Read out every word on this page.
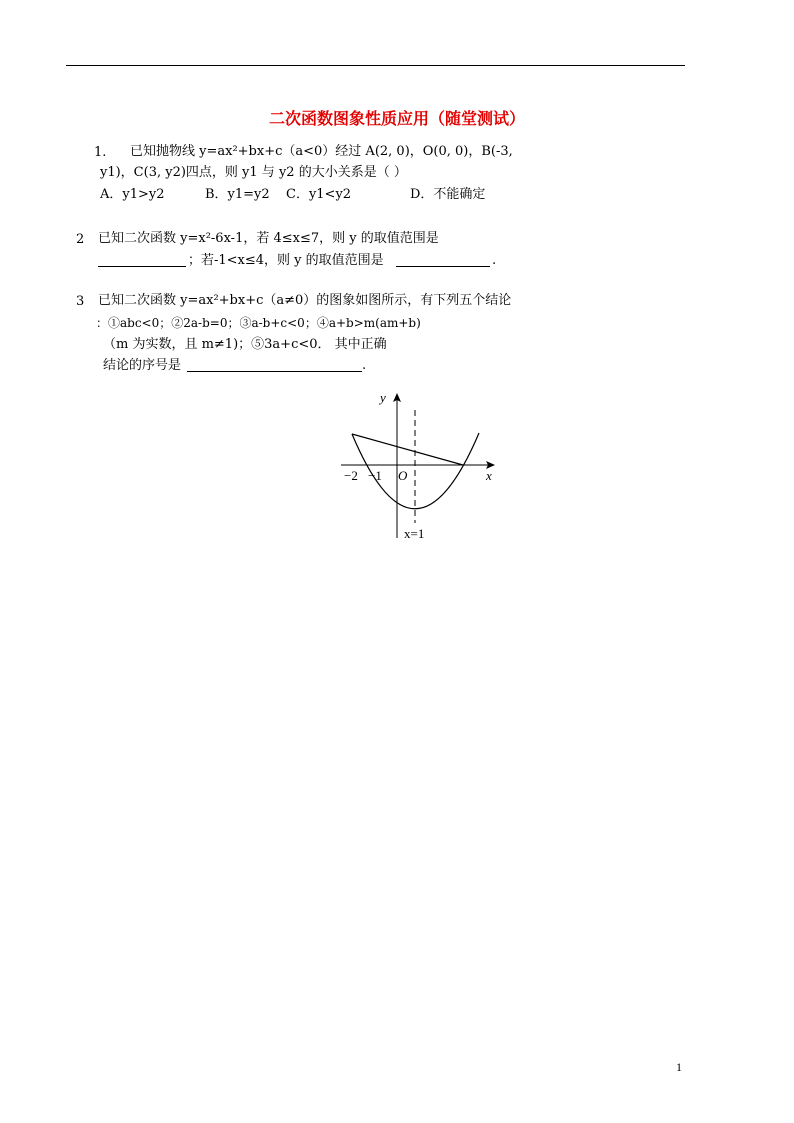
二次函数图象性质应用（随堂测试）
1. 已知抛物线 y=ax²+bx+c（a<0）经过 A(2, 0)，O(0, 0)，B(-3,
y1)，C(3, y2)四点，则 y1 与 y2 的大小关系是（ ）
A．y1>y2	B．y1=y2 C．y1<y2	D．不能确定
2 已知二次函数 y=x²-6x-1，若 4≤x≤7，则 y 的取值范围是
；若-1<x≤4，则 y 的取值范围是	.
3 已知二次函数 y=ax²+bx+c（a≠0）的图象如图所示，有下列五个结论
：①abc<0；②2a-b=0；③a-b+c<0；④a+b>m(am+b)
（m 为实数，且 m≠1)；⑤3a+c<0． 其中正确
结论的序号是	.
y
x
O
−2 −1
x=1
1
